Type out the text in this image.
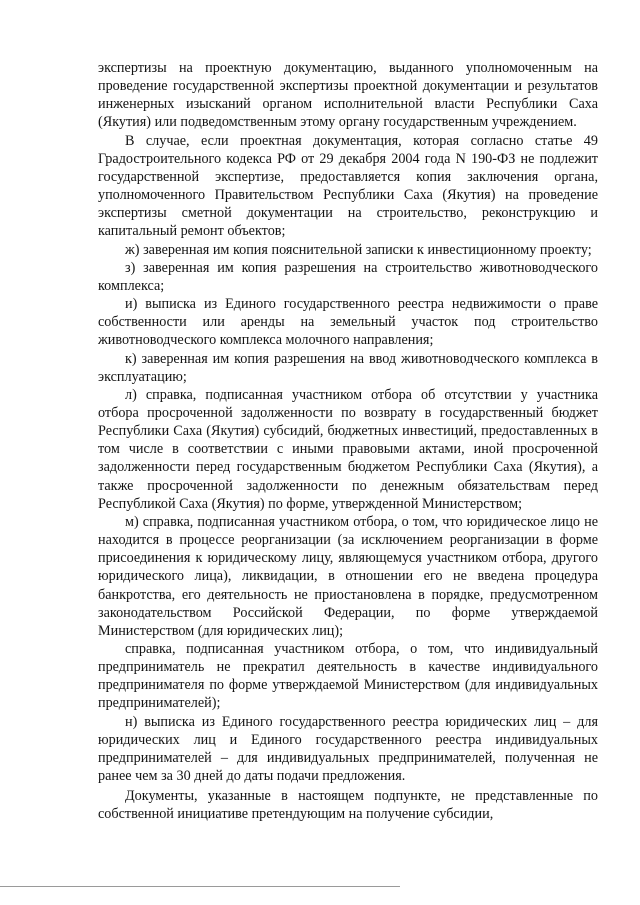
экспертизы на проектную документацию, выданного уполномоченным на проведение государственной экспертизы проектной документации и результатов инженерных изысканий органом исполнительной власти Республики Саха (Якутия) или подведомственным этому органу государственным учреждением.

В случае, если проектная документация, которая согласно статье 49 Градостроительного кодекса РФ от 29 декабря 2004 года N 190-ФЗ не подлежит государственной экспертизе, предоставляется копия заключения органа, уполномоченного Правительством Республики Саха (Якутия) на проведение экспертизы сметной документации на строительство, реконструкцию и капитальный ремонт объектов;

ж) заверенная им копия пояснительной записки к инвестиционному проекту;

з) заверенная им копия разрешения на строительство животноводческого комплекса;

и) выписка из Единого государственного реестра недвижимости о праве собственности или аренды на земельный участок под строительство животноводческого комплекса молочного направления;

к) заверенная им копия разрешения на ввод животноводческого комплекса в эксплуатацию;

л) справка, подписанная участником отбора об отсутствии у участника отбора просроченной задолженности по возврату в государственный бюджет Республики Саха (Якутия) субсидий, бюджетных инвестиций, предоставленных в том числе в соответствии с иными правовыми актами, иной просроченной задолженности перед государственным бюджетом Республики Саха (Якутия), а также просроченной задолженности по денежным обязательствам перед Республикой Саха (Якутия) по форме, утвержденной Министерством;

м) справка, подписанная участником отбора, о том, что юридическое лицо не находится в процессе реорганизации (за исключением реорганизации в форме присоединения к юридическому лицу, являющемуся участником отбора, другого юридического лица), ликвидации, в отношении его не введена процедура банкротства, его деятельность не приостановлена в порядке, предусмотренном законодательством Российской Федерации, по форме утверждаемой Министерством (для юридических лиц);

справка, подписанная участником отбора, о том, что индивидуальный предприниматель не прекратил деятельность в качестве индивидуального предпринимателя по форме утверждаемой Министерством (для индивидуальных предпринимателей);

н) выписка из Единого государственного реестра юридических лиц – для юридических лиц и Единого государственного реестра индивидуальных предпринимателей – для индивидуальных предпринимателей, полученная не ранее чем за 30 дней до даты подачи предложения.

Документы, указанные в настоящем подпункте, не представленные по собственной инициативе претендующим на получение субсидии,
